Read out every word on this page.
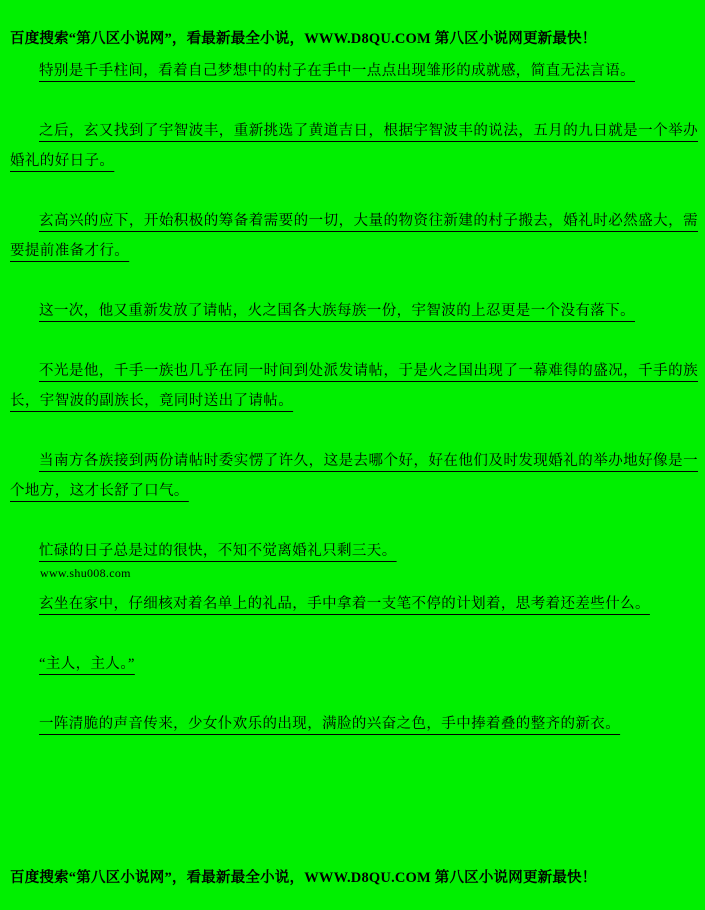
百度搜索“第八区小说网”，看最新最全小说，WWW.D8QU.COM 第八区小说网更新最快！

特别是千手柱间，看着自己梦想中的村子在手中一点点出现雏形的成就感，简直无法言语。

之后，玄又找到了宇智波丰，重新挑选了黄道吉日，根据宇智波丰的说法，五月的九日就是一个举办婚礼的好日子。

玄高兴的应下，开始积极的筹备着需要的一切，大量的物资往新建的村子搬去，婚礼时必然盛大，需要提前准备才行。

这一次，他又重新发放了请帖，火之国各大族每族一份，宇智波的上忍更是一个没有落下。

不光是他，千手一族也几乎在同一时间到处派发请帖，于是火之国出现了一幕难得的盛况，千手的族长，宇智波的副族长，竟同时送出了请帖。

当南方各族接到两份请帖时委实愣了许久，这是去哪个好，好在他们及时发现婚礼的举办地好像是一个地方，这才长舒了口气。

忙碌的日子总是过的很快，不知不觉离婚礼只剩三天。

www.shu008.com

玄坐在家中，仔细核对着名单上的礼品，手中拿着一支笔不停的计划着，思考着还差些什么。

“主人，主人。”

一阵清脆的声音传来，少女仆欢乐的出现，满脸的兴奋之色，手中捧着叠的整齐的新衣。

百度搜索“第八区小说网”，看最新最全小说，WWW.D8QU.COM 第八区小说网更新最快！
